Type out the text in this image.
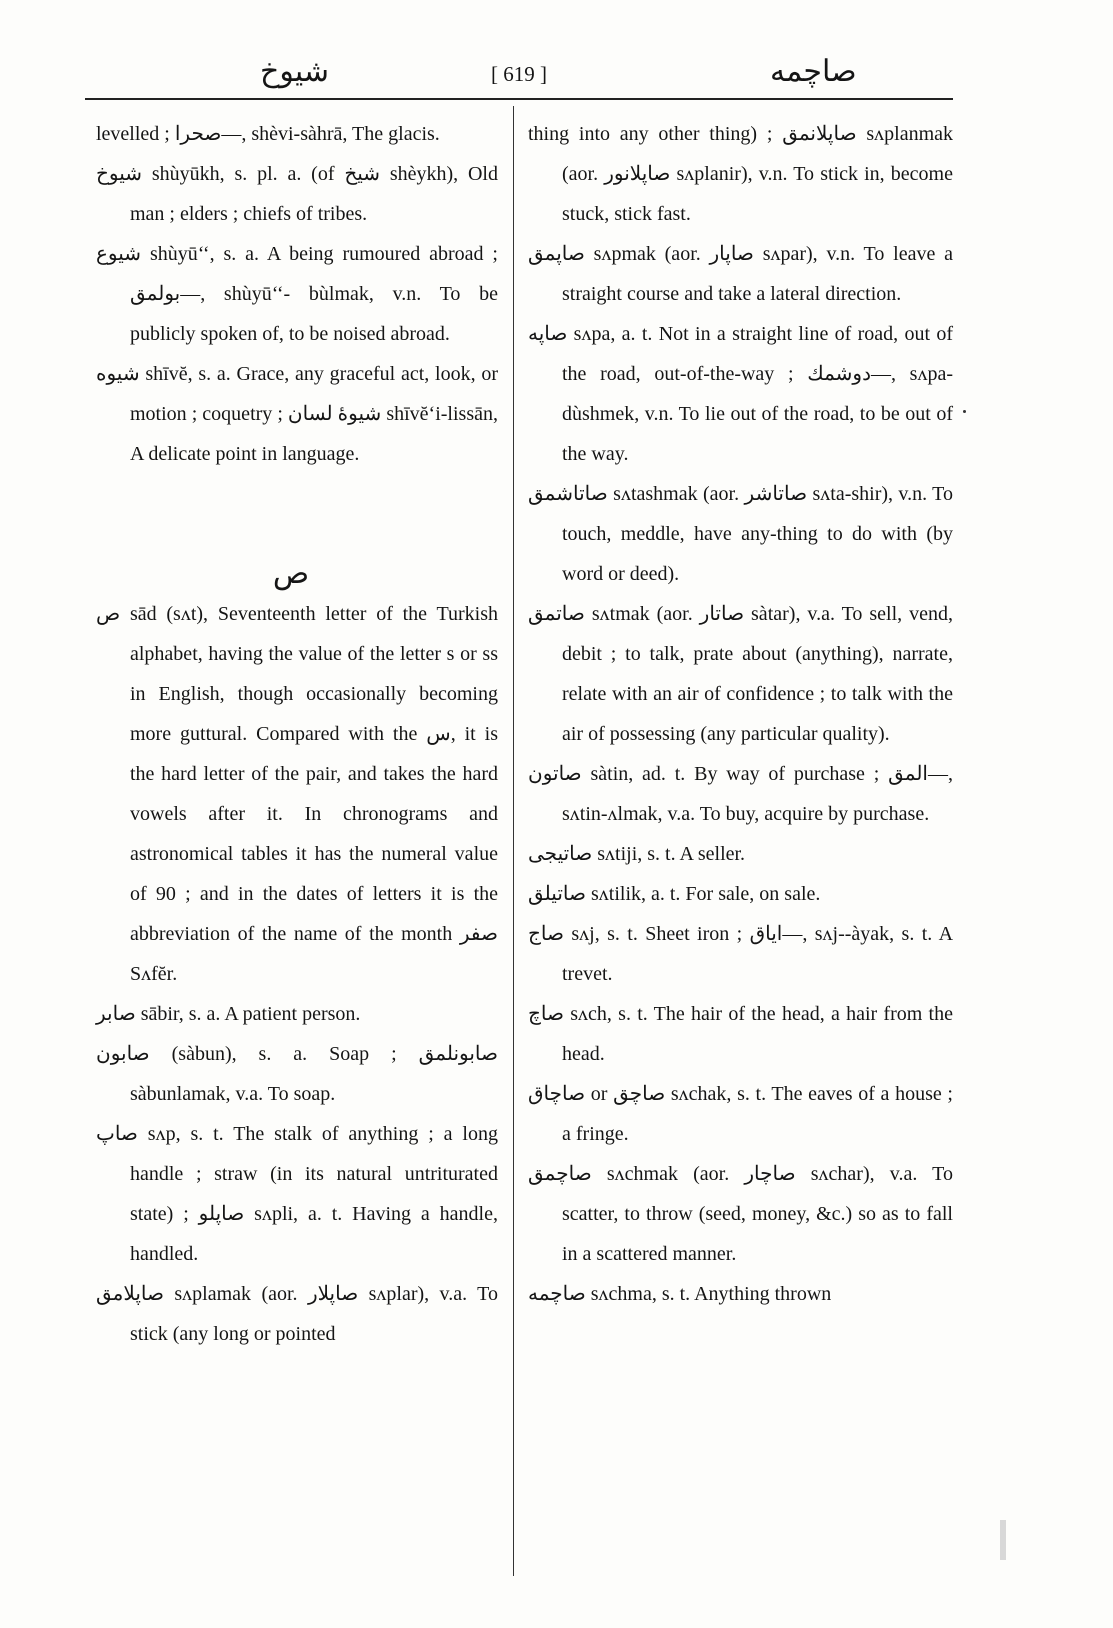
شیوخ	[ 619 ]	صاچمه
levelled ; صحرا—, shèvi-sàhrā, The glacis.
شیوخ shùyūkh, s. pl. a. (of شیخ shèykh), Old man ; elders ; chiefs of tribes.
شیوع shùyū‘‘, s. a. A being rumoured abroad ; بولمق—, shùyū‘‘- bùlmak, v.n. To be publicly spoken of, to be noised abroad.
شیوه shīvĕ, s. a. Grace, any graceful act, look, or motion ; coquetry ; شیوهٔ لسان shīvĕ‘i-lissān, A delicate point in language.
ص
ص sād (sʌt), Seventeenth letter of the Turkish alphabet, having the value of the letter s or ss in English, though occasionally becoming more guttural. Compared with the س, it is the hard letter of the pair, and takes the hard vowels after it. In chronograms and astronomical tables it has the numeral value of 90 ; and in the dates of letters it is the abbreviation of the name of the month صفر Sʌfĕr.
صابر sābir, s. a. A patient person.
صابون (sàbun), s. a. Soap ; صابونلمق sàbunlamak, v.a. To soap.
صاپ sʌp, s. t. The stalk of anything ; a long handle ; straw (in its natural untriturated state) ; صاپلو sʌpli, a. t. Having a handle, handled.
صاپلامق sʌplamak (aor. صاپلار sʌplar), v.a. To stick (any long or pointed
thing into any other thing) ; صاپلانمق sʌplanmak (aor. صاپلانور sʌplanir), v.n. To stick in, become stuck, stick fast.
صاپمق sʌpmak (aor. صاپار sʌpar), v.n. To leave a straight course and take a lateral direction.
صاپه sʌpa, a. t. Not in a straight line of road, out of the road, out-of-the-way ; دوشمك—, sʌpa-dùshmek, v.n. To lie out of the road, to be out of the way.
صاتاشمق sʌtashmak (aor. صاتاشر sʌta-shir), v.n. To touch, meddle, have any-thing to do with (by word or deed).
صاتمق sʌtmak (aor. صاتار sàtar), v.a. To sell, vend, debit ; to talk, prate about (anything), narrate, relate with an air of confidence ; to talk with the air of possessing (any particular quality).
صاتون sàtin, ad. t. By way of purchase ; المق—, sʌtin-ʌlmak, v.a. To buy, acquire by purchase.
صاتیجی sʌtiji, s. t. A seller.
صاتیلق sʌtilik, a. t. For sale, on sale.
صاج sʌj, s. t. Sheet iron ; ایاق—, sʌj--àyak, s. t. A trevet.
صاچ sʌch, s. t. The hair of the head, a hair from the head.
صاچاق or صاچق sʌchak, s. t. The eaves of a house ; a fringe.
صاچمق sʌchmak (aor. صاچار sʌchar), v.a. To scatter, to throw (seed, money, &c.) so as to fall in a scattered manner.
صاچمه sʌchma, s. t. Anything thrown
